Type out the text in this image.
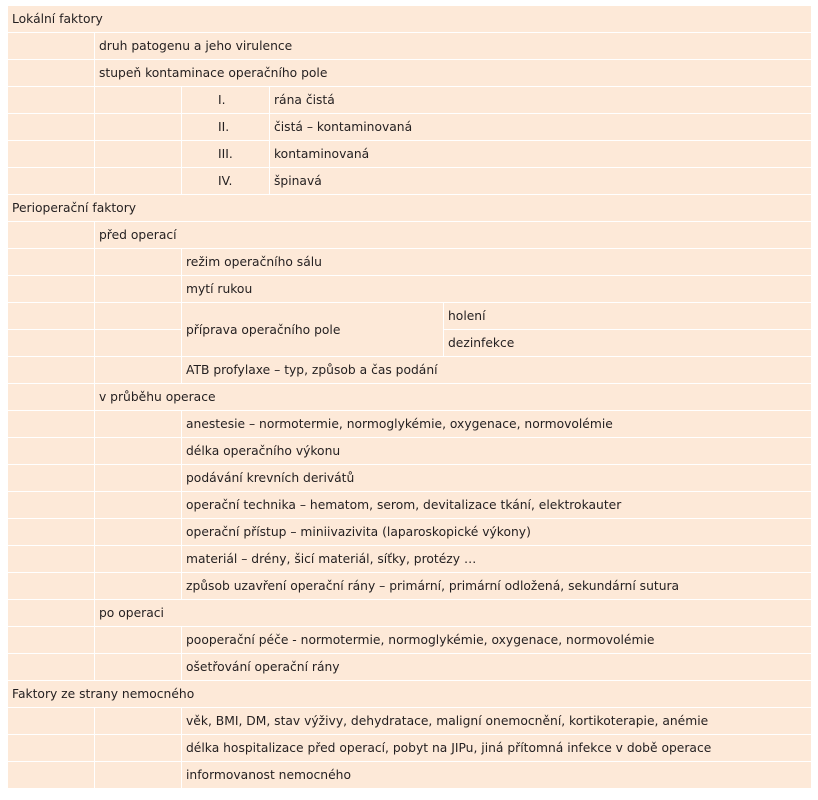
Lokální faktory				
	druh patogenu a jeho virulence			
	stupeň kontaminace operačního pole			
		I.	rána čistá	
		II.	čistá – kontaminovaná	
		III.	kontaminovaná	
		IV.	špinavá	
Perioperační faktory				
	před operací			
		režim operačního sálu		
		mytí rukou		
		příprava operačního pole		holení
				dezinfekce
		ATB profylaxe – typ, způsob a čas podání		
	v průběhu operace			
		anestesie – normotermie, normoglykémie, oxygenace, normovolémie		
		délka operačního výkonu		
		podávání krevních derivátů		
		operační technika – hematom, serom, devitalizace tkání, elektrokauter		
		operační přístup – miniivazivita (laparoskopické výkony)		
		materiál – drény, šicí materiál, síťky, protézy …		
		způsob uzavření operační rány – primární, primární odložená, sekundární sutura		
	po operaci			
		pooperační péče - normotermie, normoglykémie, oxygenace, normovolémie		
		ošetřování operační rány		
Faktory ze strany nemocného				
		věk, BMI, DM, stav výživy, dehydratace, maligní onemocnění, kortikoterapie, anémie		
		délka hospitalizace před operací, pobyt na JIPu, jiná přítomná infekce v době operace		
		informovanost nemocného		
